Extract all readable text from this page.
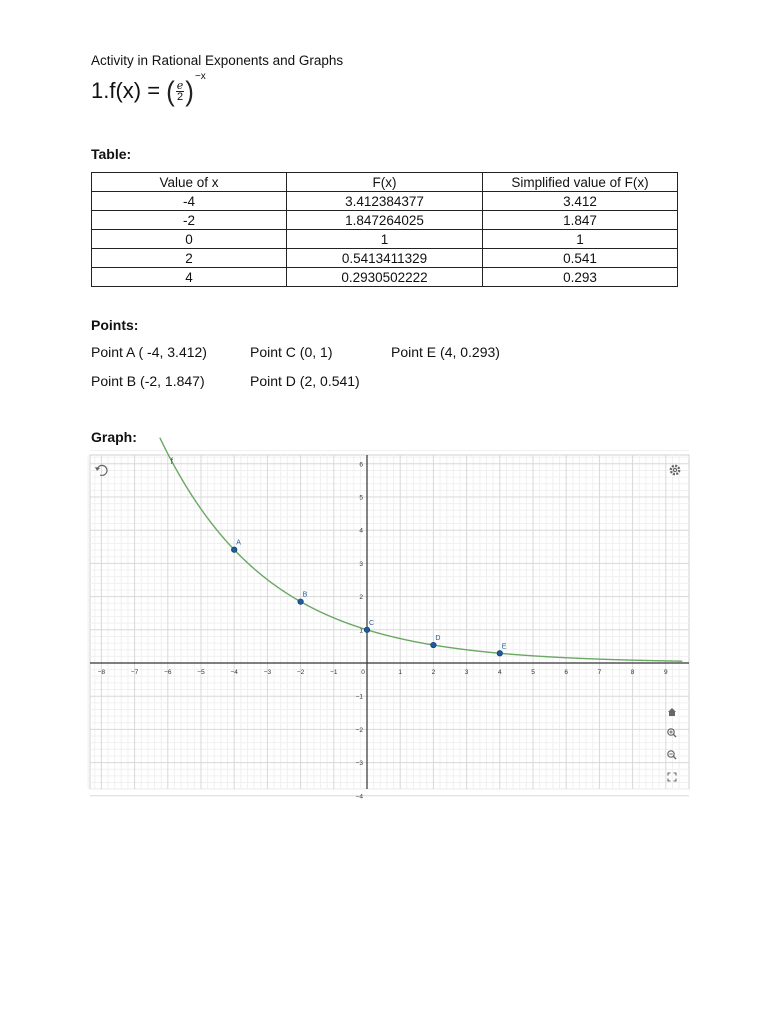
Activity in Rational Exponents and Graphs
1.f(x) = ( $\frac{e}{2}$ ) −x
Table:
Value of x	F(x)	Simplified value of F(x)
-4	3.412384377	3.412
-2	1.847264025	1.847
0	1	1
2	0.5413411329	0.541
4	0.2930502222	0.293
Points:
Point A ( -4, 3.412)	Point C (0, 1)	Point E (4, 0.293)
Point B (-2, 1.847)	Point D (2, 0.541)
Graph:
−8	−7	−6	−5	−4	−3	−2	−1	0	1	2	3	4	5	6	7	8	9
−4
−3
−2
−1
1
2
3
4
5
6
f
A
B
C
D
E
